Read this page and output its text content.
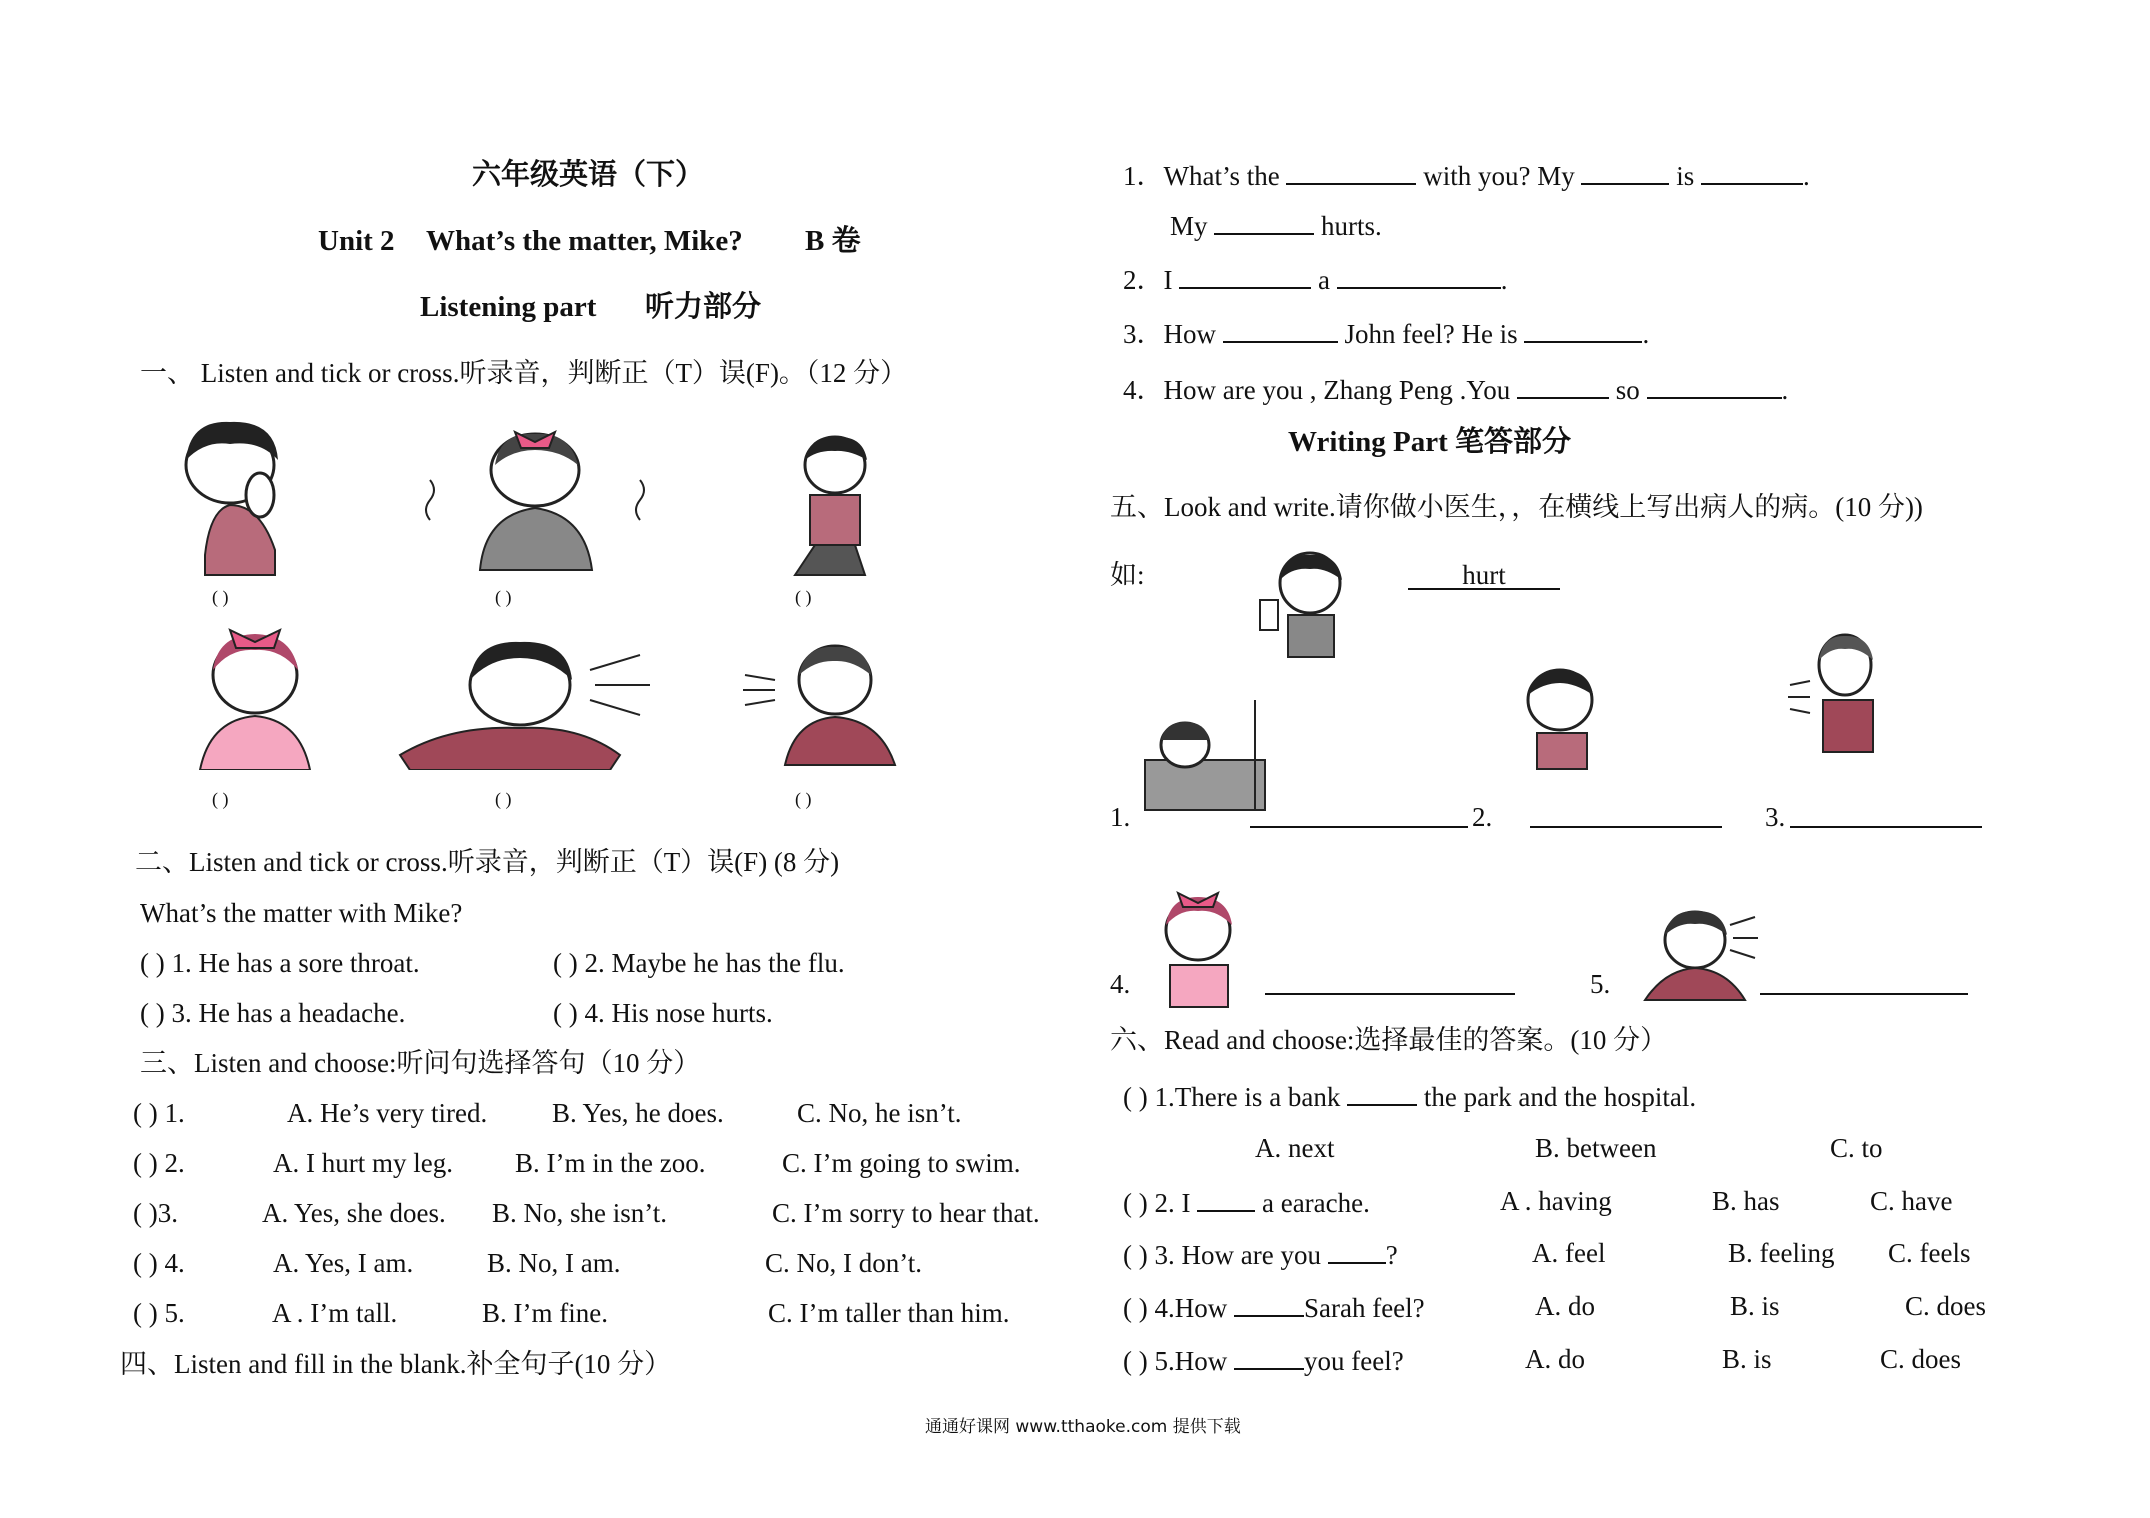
六年级英语（下）
Unit 2 What’s the matter, Mike? B 卷
Listening part 听力部分
一、 Listen and tick or cross.听录音，判断正（T）误(F)。（12 分）
( )	( )	( )
( )	( )	( )
二、Listen and tick or cross.听录音，判断正（T）误(F) (8 分)
What’s the matter with Mike?
( ) 1. He has a sore throat.	( ) 2. Maybe he has the flu.
( ) 3. He has a headache.	( ) 4. His nose hurts.
三、Listen and choose:听问句选择答句（10 分）
( ) 1.	A. He’s very tired. B. Yes, he does.	C. No, he isn’t.
( ) 2.	A. I hurt my leg. B. I’m in the zoo.	C. I’m going to swim.
( )3.	A. Yes, she does. B. No, she isn’t.	C. I’m sorry to hear that.
( ) 4.	A. Yes, I am.	B. No, I am.	C. No, I don’t.
( ) 5.	A . I’m tall.	B. I’m fine.	C. I’m taller than him.
四、Listen and fill in the blank.补全句子(10 分）
1．What’s the	with you? My	is	.
My	hurts.
2．I	a	.
3．How	John feel? He is	.
4．How are you , Zhang Peng .You	so	.
Writing Part 笔答部分
五、Look and write.请你做小医生，，在横线上写出病人的病。(10 分))
如:	hurt
1.	2.	3.
4.	5.
六、Read and choose:选择最佳的答案。(10 分）
( ) 1.There is a bank	the park and the hospital.
A. next	B. between	C. to
( ) 2. I	a earache.	A . having	B. has	C. have
( ) 3. How are you ?	A. feel	B. feeling C. feels
( ) 4.How	Sarah feel?	A. do	B. is	C. does
( ) 5.How	you feel?	A. do	B. is	C. does
通通好课网 www.tthaoke.com 提供下载
